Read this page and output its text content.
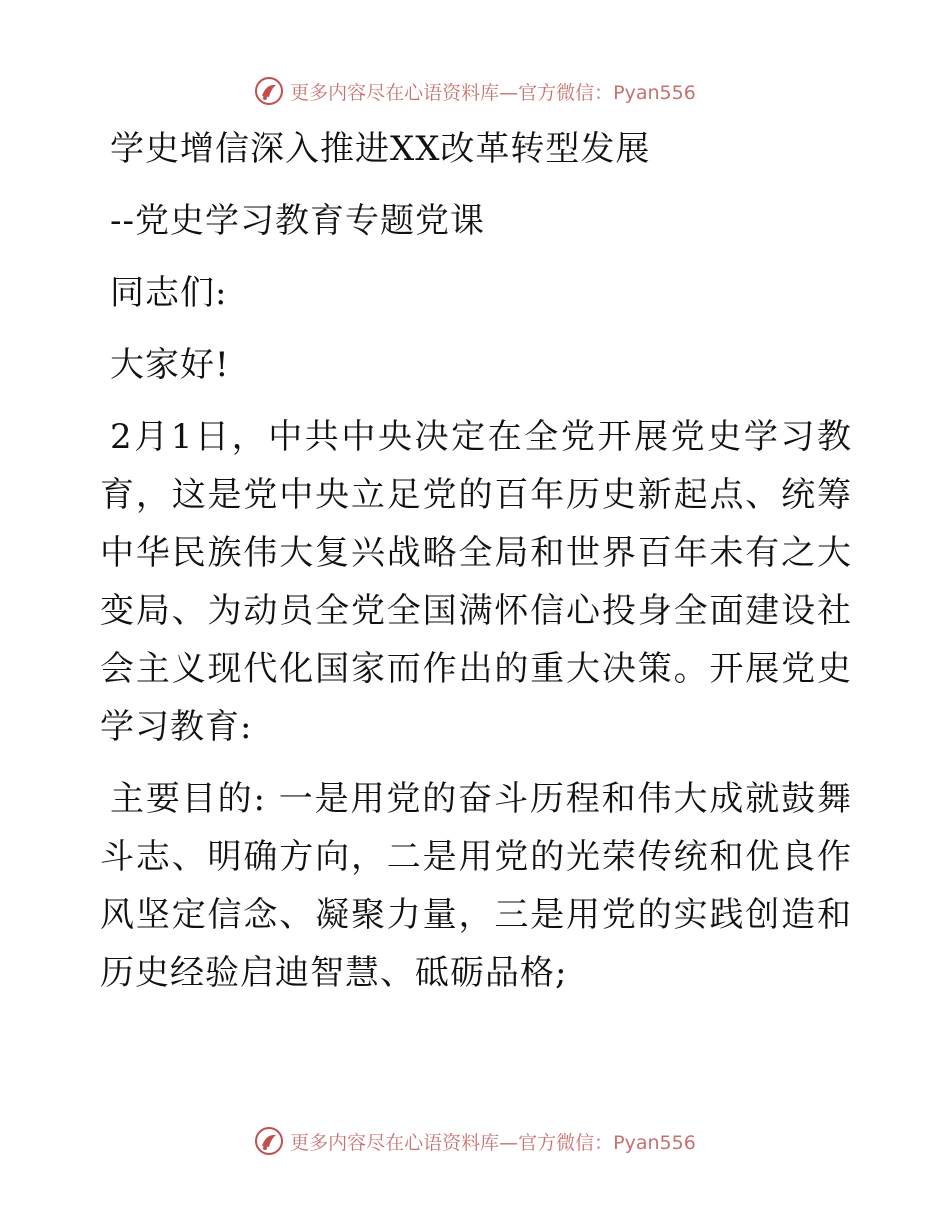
更多内容尽在心语资料库—官方微信：Pyan556

学史增信深入推进XX改革转型发展

--党史学习教育专题党课

同志们:

大家好!

2月1日，中共中央决定在全党开展党史学习教育，这是党中央立足党的百年历史新起点、统筹中华民族伟大复兴战略全局和世界百年未有之大变局、为动员全党全国满怀信心投身全面建设社会主义现代化国家而作出的重大决策。开展党史学习教育:

主要目的: 一是用党的奋斗历程和伟大成就鼓舞斗志、明确方向，二是用党的光荣传统和优良作风坚定信念、凝聚力量，三是用党的实践创造和历史经验启迪智慧、砥砺品格;

更多内容尽在心语资料库—官方微信：Pyan556
